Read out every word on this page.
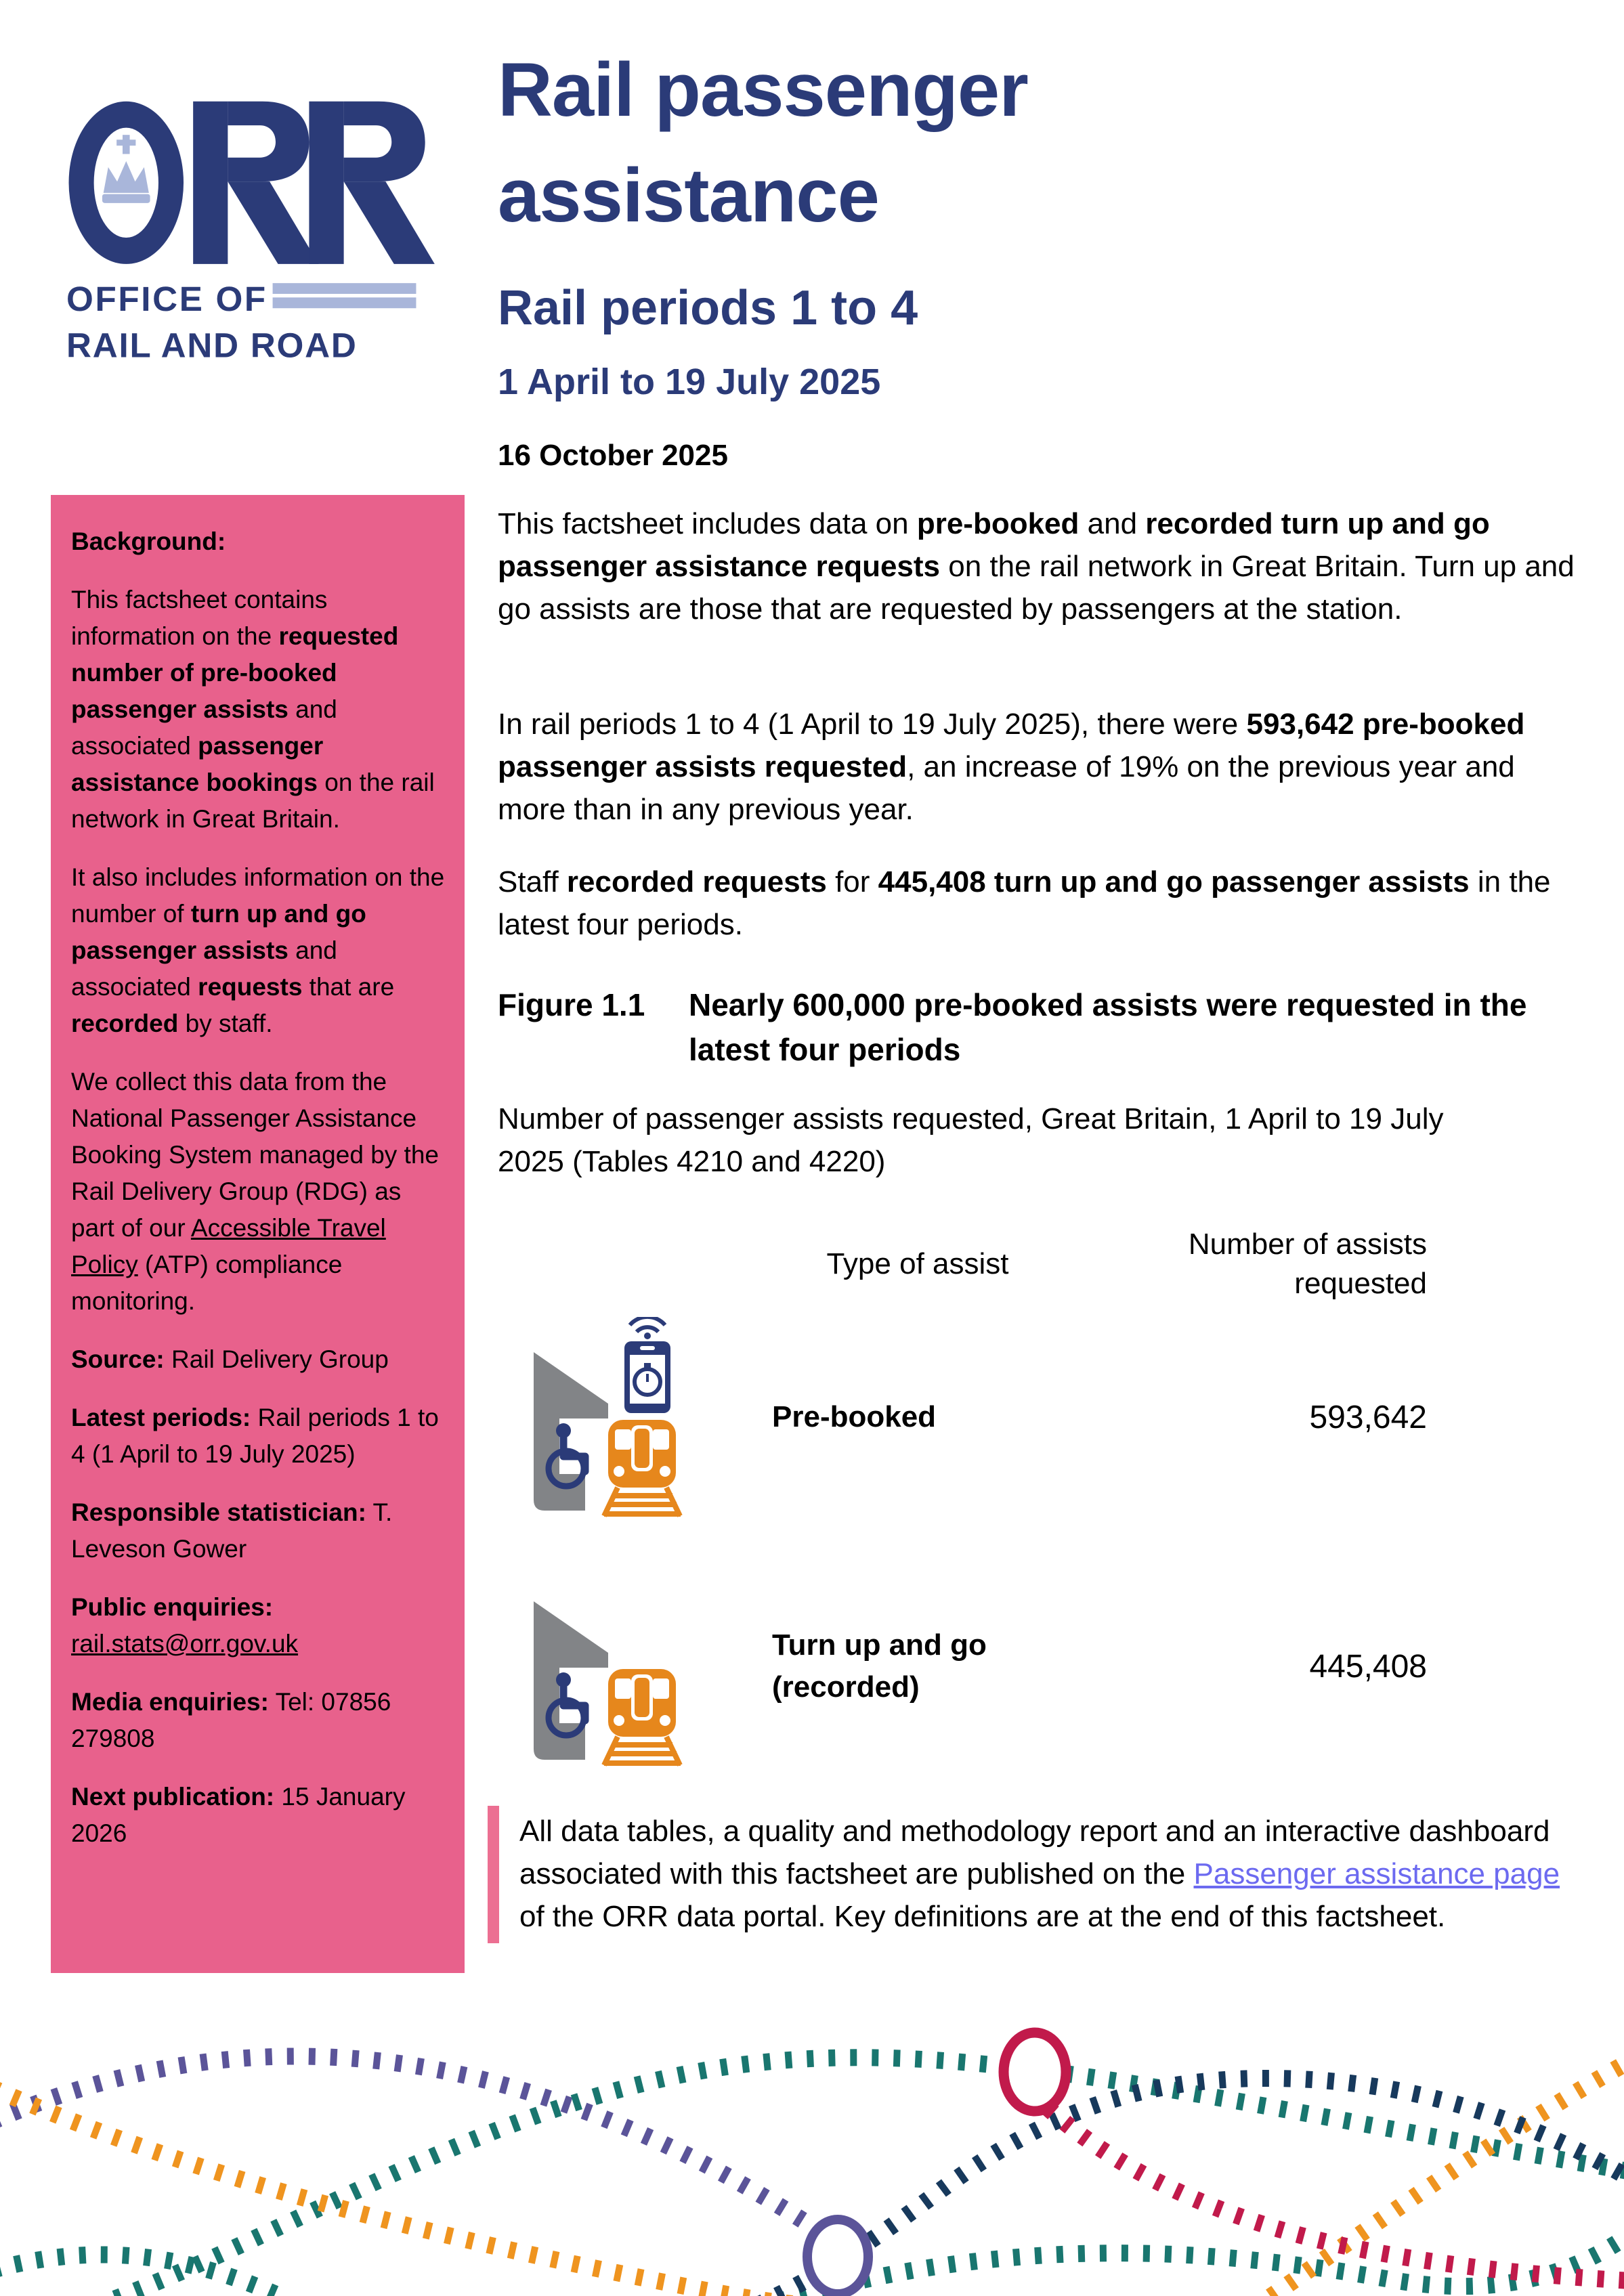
OFFICE OF
RAIL AND ROAD
Rail passenger assistance
Rail periods 1 to 4
1 April to 19 July 2025
16 October 2025

Background:

This factsheet contains information on the requested number of pre-booked passenger assists and associated passenger assistance bookings on the rail network in Great Britain.

It also includes information on the number of turn up and go passenger assists and associated requests that are recorded by staff.

We collect this data from the National Passenger Assistance Booking System managed by the Rail Delivery Group (RDG) as part of our Accessible Travel Policy (ATP) compliance monitoring.

Source: Rail Delivery Group

Latest periods: Rail periods 1 to 4 (1 April to 19 July 2025)

Responsible statistician: T. Leveson Gower

Public enquiries:
rail.stats@orr.gov.uk

Media enquiries: Tel: 07856 279808

Next publication: 15 January 2026

This factsheet includes data on pre-booked and recorded turn up and go passenger assistance requests on the rail network in Great Britain. Turn up and go assists are those that are requested by passengers at the station.

In rail periods 1 to 4 (1 April to 19 July 2025), there were 593,642 pre-booked passenger assists requested, an increase of 19% on the previous year and more than in any previous year.

Staff recorded requests for 445,408 turn up and go passenger assists in the latest four periods.

Figure 1.1	Nearly 600,000 pre-booked assists were requested in the latest four periods

Number of passenger assists requested, Great Britain, 1 April to 19 July 2025 (Tables 4210 and 4220)

Type of assist
Number of assists requested
Pre-booked	593,642
Turn up and go (recorded)
445,408
All data tables, a quality and methodology report and an interactive dashboard associated with this factsheet are published on the Passenger assistance page of the ORR data portal. Key definitions are at the end of this factsheet.
